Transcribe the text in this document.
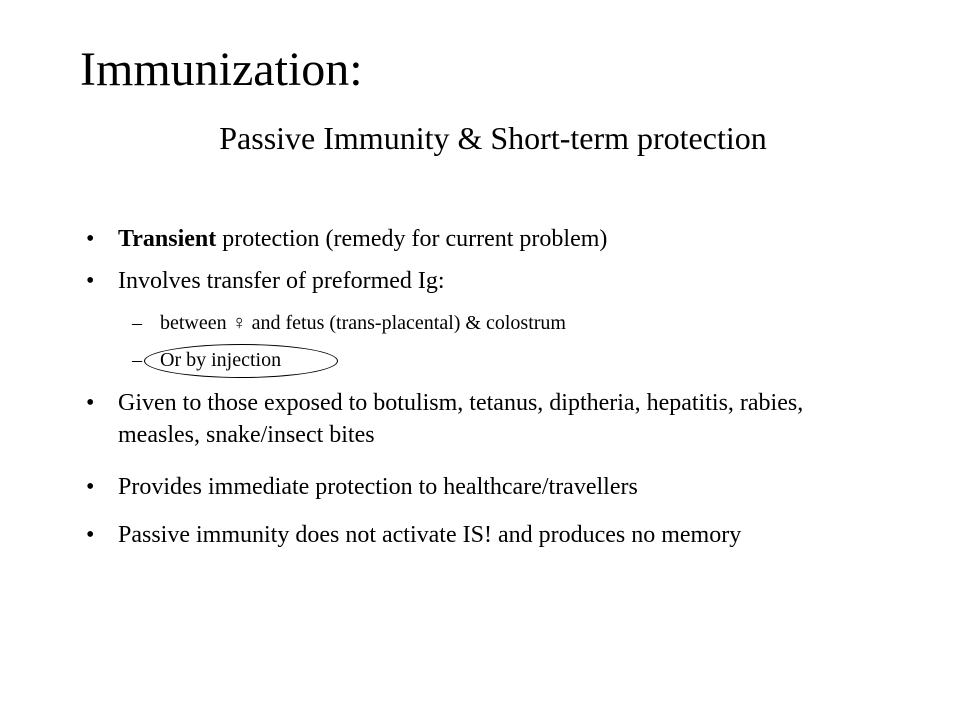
Immunization:
Passive Immunity & Short-term protection
• Transient protection (remedy for current problem)
• Involves transfer of preformed Ig:
– between ♀ and fetus (trans-placental) & colostrum
– Or by injection
• Given to those exposed to botulism, tetanus, diptheria, hepatitis, rabies, measles, snake/insect bites
• Provides immediate protection to healthcare/travellers
• Passive immunity does not activate IS! and produces no memory
